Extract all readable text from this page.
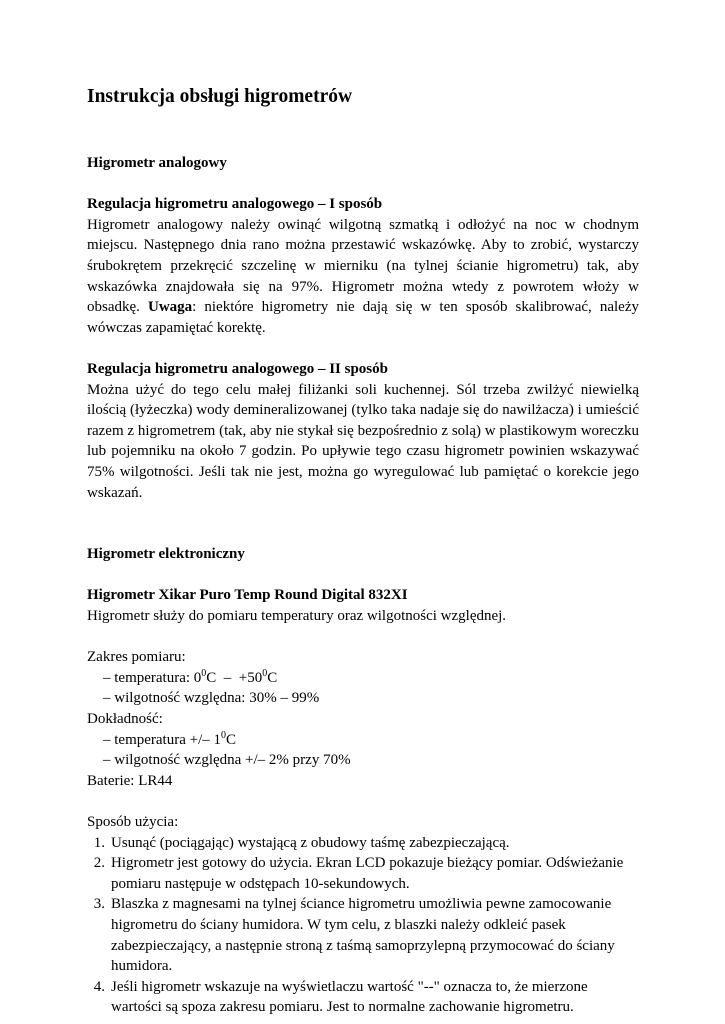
Instrukcja obsługi higrometrów

Higrometr analogowy

Regulacja higrometru analogowego – I sposób

Higrometr analogowy należy owinąć wilgotną szmatką i odłożyć na noc w chodnym miejscu. Następnego dnia rano można przestawić wskazówkę. Aby to zrobić, wystarczy śrubokrętem przekręcić szczelinę w mierniku (na tylnej ścianie higrometru) tak, aby wskazówka znajdowała się na 97%. Higrometr można wtedy z powrotem włoży w obsadkę. Uwaga: niektóre higrometry nie dają się w ten sposób skalibrować, należy wówczas zapamiętać korektę.

Regulacja higrometru analogowego – II sposób

Można użyć do tego celu małej filiżanki soli kuchennej. Sól trzeba zwilżyć niewielką ilością (łyżeczka) wody demineralizowanej (tylko taka nadaje się do nawilżacza) i umieścić razem z higrometrem (tak, aby nie stykał się bezpośrednio z solą) w plastikowym woreczku lub pojemniku na około 7 godzin. Po upływie tego czasu higrometr powinien wskazywać 75% wilgotności. Jeśli tak nie jest, można go wyregulować lub pamiętać o korekcie jego wskazań.

Higrometr elektroniczny

Higrometr Xikar Puro Temp Round Digital 832XI

Higrometr służy do pomiaru temperatury oraz wilgotności względnej.

Zakres pomiaru:

– temperatura: $0^0C - +50^0C$

– wilgotność względna: 30% – 99%

Dokładność:

– temperatura +/– $1^0C$

– wilgotność względna +/– 2% przy 70%

Baterie: LR44

Sposób użycia:

1. Usunąć (pociągając) wystającą z obudowy taśmę zabezpieczającą.
2. Higrometr jest gotowy do użycia. Ekran LCD pokazuje bieżący pomiar. Odświeżanie pomiaru następuje w odstępach 10-sekundowych.
3. Blaszka z magnesami na tylnej ściance higrometru umożliwia pewne zamocowanie higrometru do ściany humidora. W tym celu, z blaszki należy odkleić pasek zabezpieczający, a następnie stroną z taśmą samoprzylepną przymocować do ściany humidora.
4. Jeśli higrometr wskazuje na wyświetlaczu wartość "--" oznacza to, że mierzone wartości są spoza zakresu pomiaru. Jest to normalne zachowanie higrometru.
